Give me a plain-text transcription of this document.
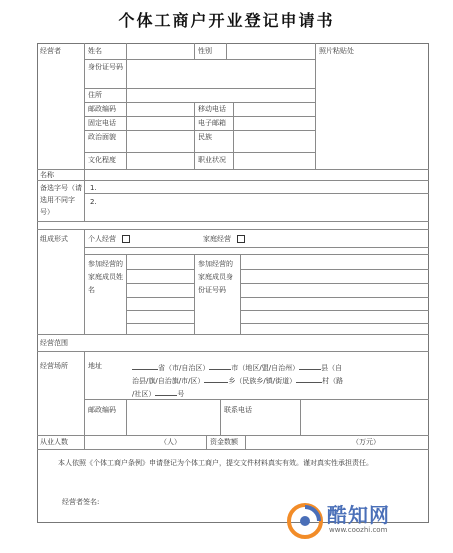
个体工商户开业登记申请书
经营者	姓名	性别	照片粘贴处
身份证号码
住所
邮政编码	移动电话
固定电话	电子邮箱
政治面貌	民族
文化程度	职业状况
名称
备选字号（请选用不同字号）
1.
2.
组成形式	个人经营	家庭经营
参加经营的家庭成员姓名
参加经营的家庭成员身份证号码
经营范围
经营场所	地址	省（市/自治区）	市（地区/盟/自治州）	县（自
治县/旗/自治旗/市/区）	乡（民族乡/镇/街道）	村（路
/社区）	号
邮政编码	联系电话
从业人数	（人）	资金数额	（万元）
本人依照《个体工商户条例》申请登记为个体工商户，提交文件材料真实有效。谨对真实性承担责任。
经营者签名:
酷知网
www.coozhi.com
